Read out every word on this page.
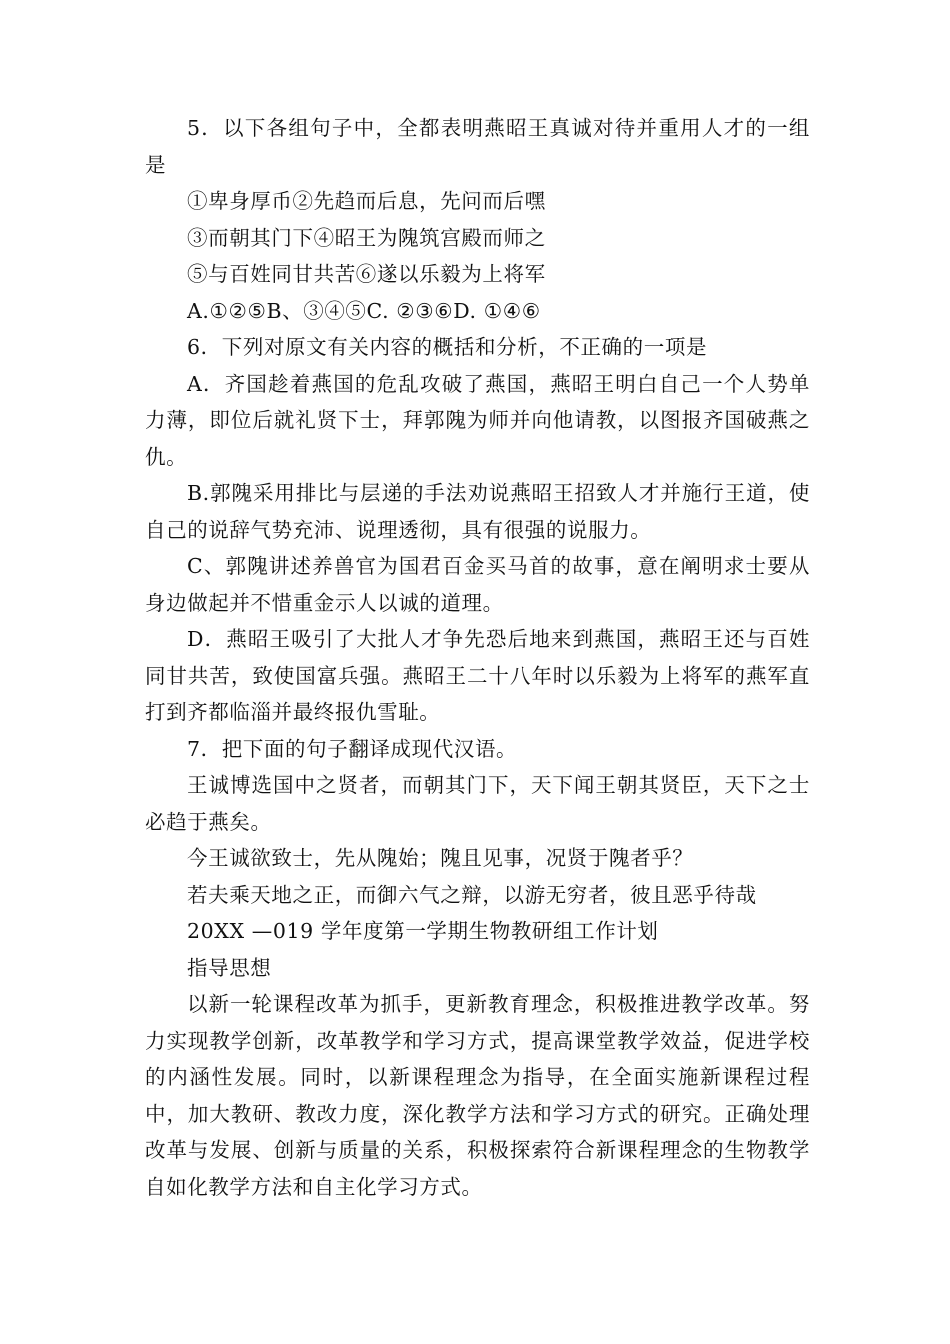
5．以下各组句子中，全都表明燕昭王真诚对待并重用人才的一组是

①卑身厚币②先趋而后息，先问而后嘿

③而朝其门下④昭王为隗筑宫殿而师之

⑤与百姓同甘共苦⑥遂以乐毅为上将军

A.①②⑤B、③④⑤C. ②③⑥D. ①④⑥

6．下列对原文有关内容的概括和分析，不正确的一项是

A．齐国趁着燕国的危乱攻破了燕国，燕昭王明白自己一个人势单力薄，即位后就礼贤下士，拜郭隗为师并向他请教，以图报齐国破燕之仇。

B.郭隗采用排比与层递的手法劝说燕昭王招致人才并施行王道，使自己的说辞气势充沛、说理透彻，具有很强的说服力。

C、郭隗讲述养兽官为国君百金买马首的故事，意在阐明求士要从身边做起并不惜重金示人以诚的道理。

D．燕昭王吸引了大批人才争先恐后地来到燕国，燕昭王还与百姓同甘共苦，致使国富兵强。燕昭王二十八年时以乐毅为上将军的燕军直打到齐都临淄并最终报仇雪耻。

7．把下面的句子翻译成现代汉语。

王诚博选国中之贤者，而朝其门下，天下闻王朝其贤臣，天下之士必趋于燕矣。

今王诚欲致士，先从隗始；隗且见事，况贤于隗者乎？

若夫乘天地之正，而御六气之辩，以游无穷者，彼且恶乎待哉

20XX —019 学年度第一学期生物教研组工作计划

指导思想

以新一轮课程改革为抓手，更新教育理念，积极推进教学改革。努力实现教学创新，改革教学和学习方式，提高课堂教学效益，促进学校的内涵性发展。同时，以新课程理念为指导，在全面实施新课程过程中，加大教研、教改力度，深化教学方法和学习方式的研究。正确处理改革与发展、创新与质量的关系，积极探索符合新课程理念的生物教学自如化教学方法和自主化学习方式。
